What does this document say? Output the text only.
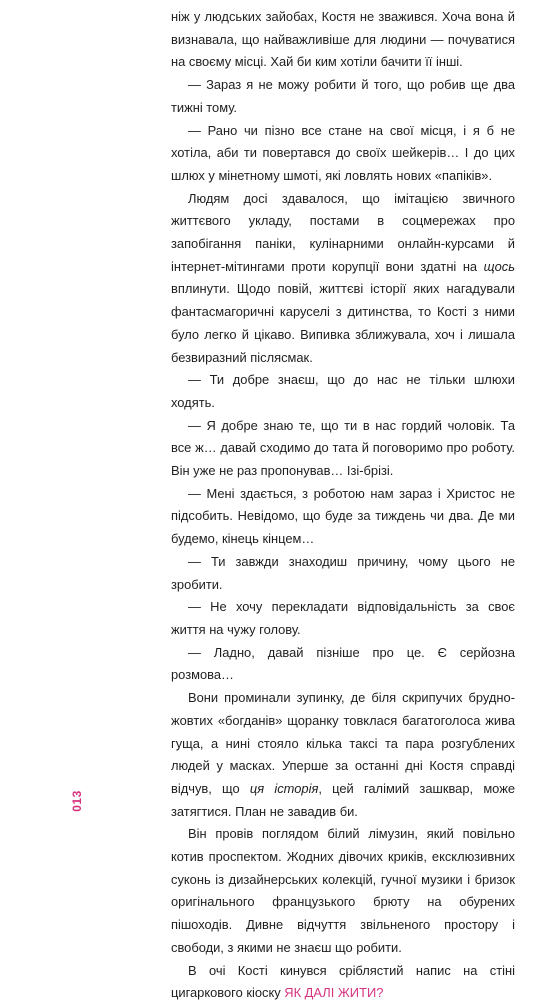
ніж у людських зайобах, Костя не зважився. Хоча вона й визнавала, що найважливіше для людини — почуватися на своєму місці. Хай би ким хотіли бачити її інші.

— Зараз я не можу робити й того, що робив ще два тижні тому.

— Рано чи пізно все стане на свої місця, і я б не хотіла, аби ти повертався до своїх шейкерів… І до цих шлюх у мінетному шмоті, які ловлять нових «папіків».

Людям досі здавалося, що імітацією звичного життєвого укладу, постами в соцмережах про запобігання паніки, кулінарними онлайн-курсами й інтернет-мітингами проти корупції вони здатні на щось вплинути. Щодо повій, життєві історії яких нагадували фантасмагоричні каруселі з дитинства, то Кості з ними було легко й цікаво. Випивка зближувала, хоч і лишала безвиразний післясмак.

— Ти добре знаєш, що до нас не тільки шлюхи ходять.

— Я добре знаю те, що ти в нас гордий чоловік. Та все ж… давай сходимо до тата й поговоримо про роботу. Він уже не раз пропонував… Ізі-брізі.

— Мені здається, з роботою нам зараз і Христос не підсобить. Невідомо, що буде за тиждень чи два. Де ми будемо, кінець кінцем…

— Ти завжди знаходиш причину, чому цього не зробити.

— Не хочу перекладати відповідальність за своє життя на чужу голову.

— Ладно, давай пізніше про це. Є серйозна розмова…

Вони проминали зупинку, де біля скрипучих брудно-жовтих «богданів» щоранку товклася багатоголоса жива гуща, а нині стояло кілька таксі та пара розгублених людей у масках. Уперше за останні дні Костя справді відчув, що ця історія, цей галімий зашквар, може затягтися. План не завадив би.

Він провів поглядом білий лімузин, який повільно котив проспектом. Жодних дівочих криків, ексклюзивних суконь із дизайнерських колекцій, гучної музики і бризок оригінального французького брюту на обурених пішоходів. Дивне відчуття звільненого простору і свободи, з якими не знаєш що робити.

В очі Кості кинувся сріблястий напис на стіні цигаркового кіоску ЯК ДАЛІ ЖИТИ?

013
